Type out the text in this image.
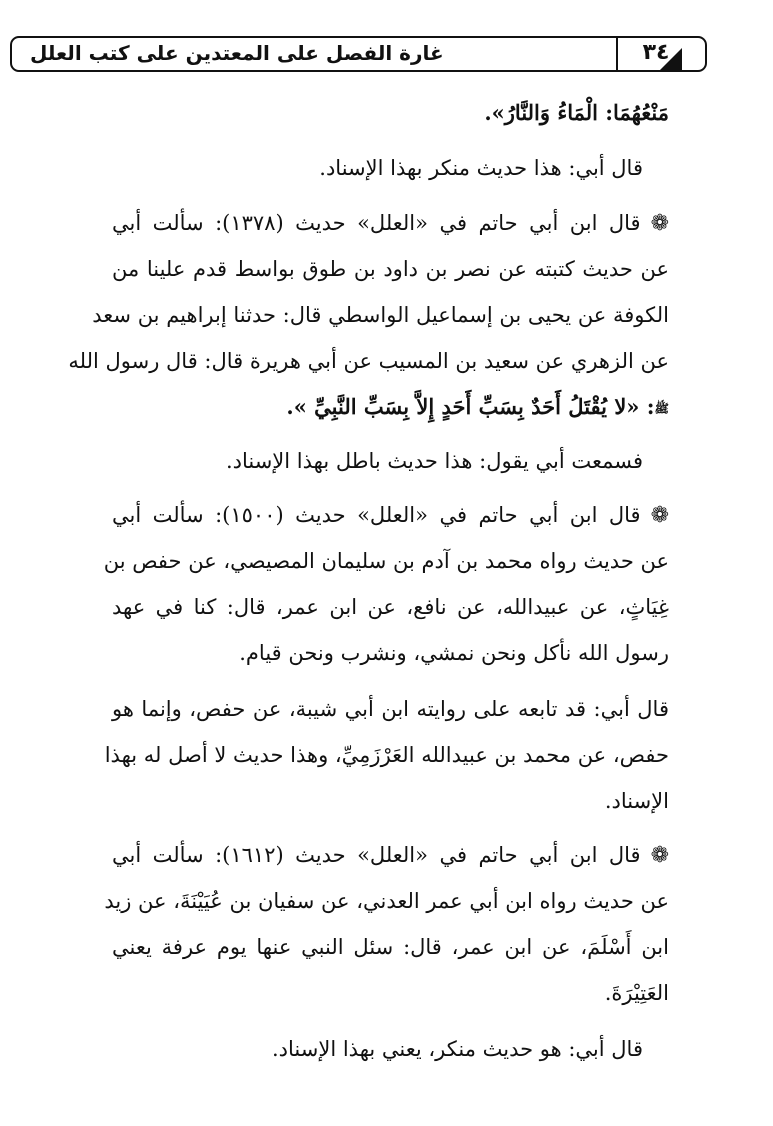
غارة الفصل على المعتدين على كتب العلل	٣٤
مَنْعُهُمَا: الْمَاءُ وَالنَّارُ».
قال أبي: هذا حديث منكر بهذا الإسناد.
❁قال ابن أبي حاتم في «العلل» حديث (١٣٧٨): سألت أبي
عن حديث كتبته عن نصر بن داود بن طوق بواسط قدم علينا من
الكوفة عن يحيى بن إسماعيل الواسطي قال: حدثنا إبراهيم بن سعد
عن الزهري عن سعيد بن المسيب عن أبي هريرة قال: قال رسول الله
ﷺ: «لا يُقْتَلُ أَحَدٌ بِسَبِّ أَحَدٍ إِلاَّ بِسَبِّ النَّبِيِّ ».
فسمعت أبي يقول: هذا حديث باطل بهذا الإسناد.
❁قال ابن أبي حاتم في «العلل» حديث (١٥٠٠): سألت أبي
عن حديث رواه محمد بن آدم بن سليمان المصيصي، عن حفص بن
غِيَاثٍ، عن عبيدالله، عن نافع، عن ابن عمر، قال: كنا في عهد
رسول الله نأكل ونحن نمشي، ونشرب ونحن قيام.
قال أبي: قد تابعه على روايته ابن أبي شيبة، عن حفص، وإنما هو
حفص، عن محمد بن عبيدالله العَرْزَمِيِّ، وهذا حديث لا أصل له بهذا
الإسناد.
❁قال ابن أبي حاتم في «العلل» حديث (١٦١٢): سألت أبي
عن حديث رواه ابن أبي عمر العدني، عن سفيان بن عُيَيْنَةَ، عن زيد
ابن أَسْلَمَ، عن ابن عمر، قال: سئل النبي عنها يوم عرفة يعني
العَتِيْرَةَ.
قال أبي: هو حديث منكر، يعني بهذا الإسناد.
